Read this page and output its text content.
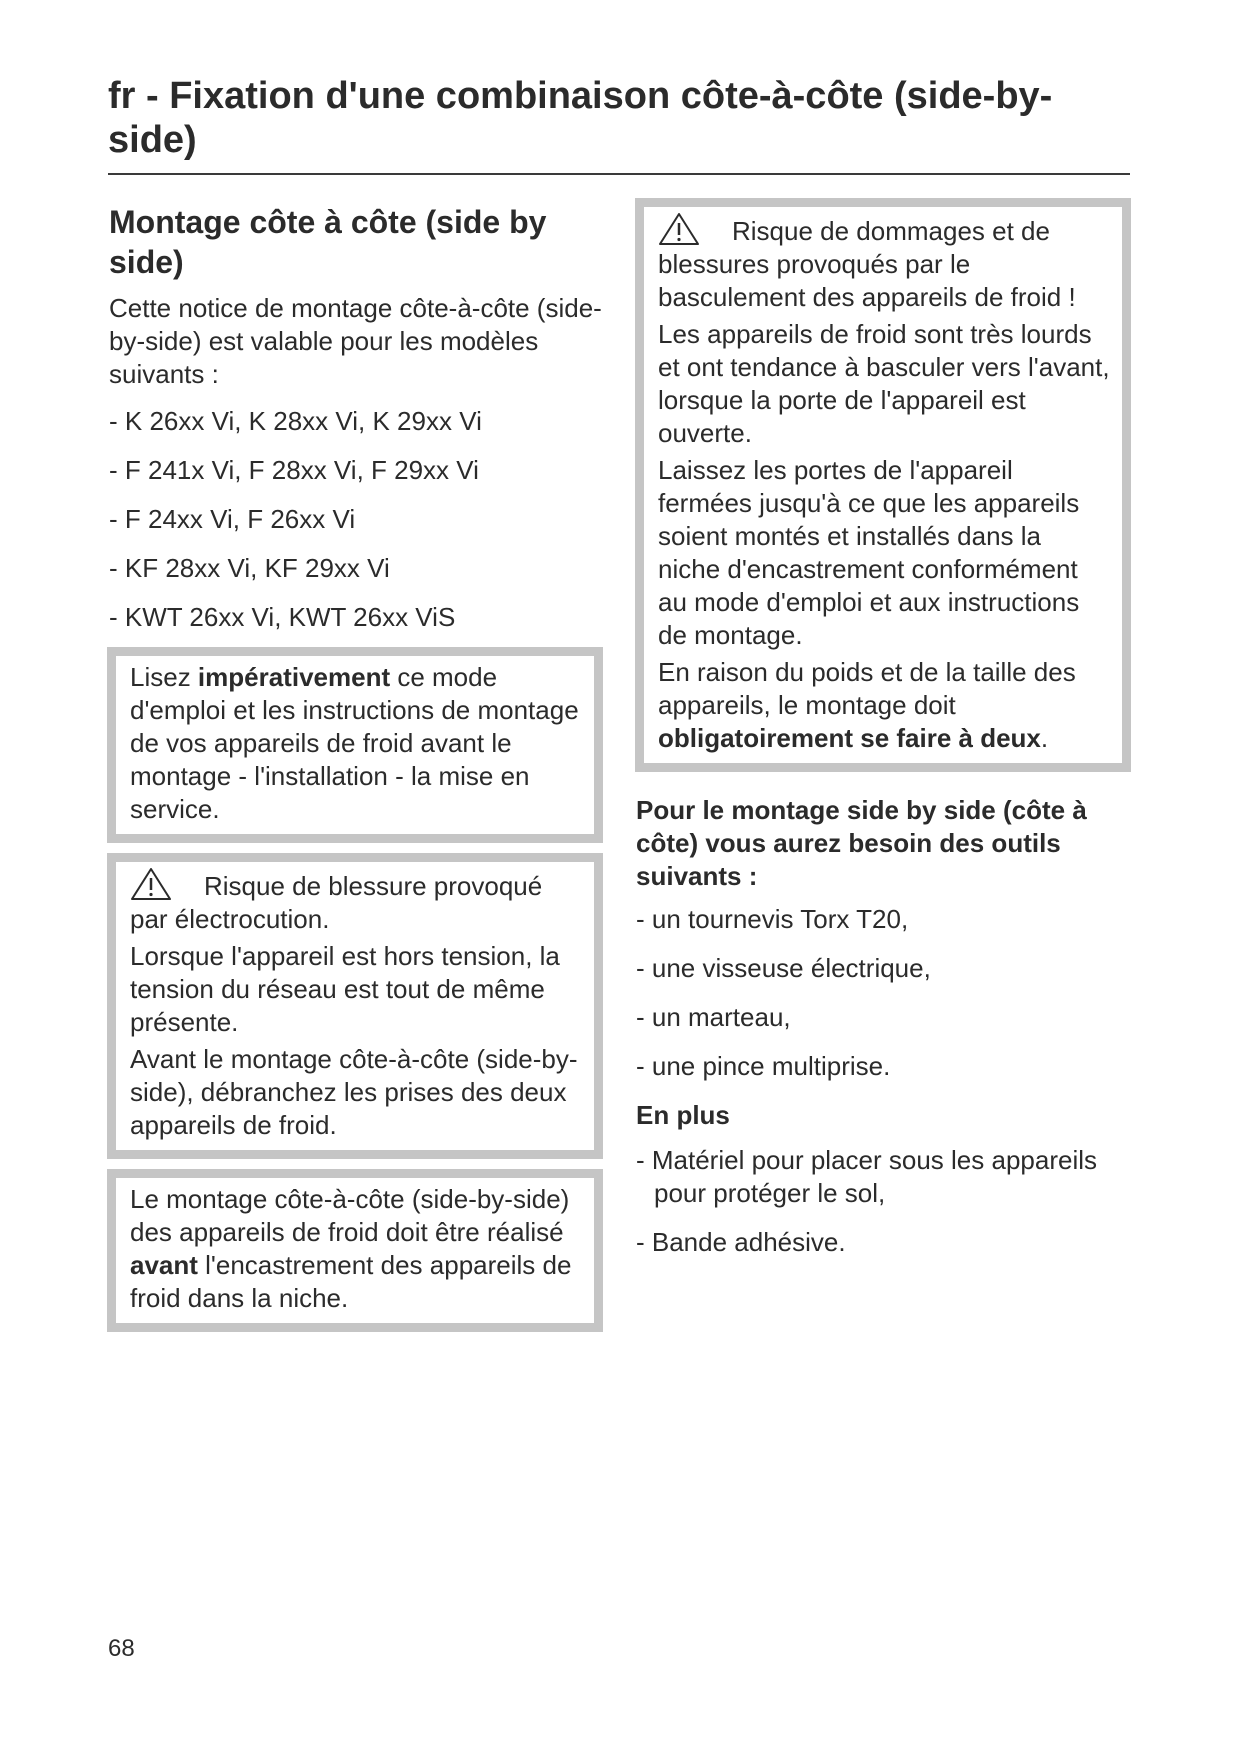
fr - Fixation d'une combinaison côte-à-côte (side-by-side)
Montage côte à côte (side by side)

Cette notice de montage côte-à-côte (side-by-side) est valable pour les modèles suivants :

- K 26xx Vi, K 28xx Vi, K 29xx Vi
- F 241x Vi, F 28xx Vi, F 29xx Vi
- F 24xx Vi, F 26xx Vi
- KF 28xx Vi, KF 29xx Vi
- KWT 26xx Vi, KWT 26xx ViS

Lisez impérativement ce mode d'emploi et les instructions de montage de vos appareils de froid avant le montage - l'installation - la mise en service.

Risque de blessure provoqué par électrocution.

Lorsque l'appareil est hors tension, la tension du réseau est tout de même présente.

Avant le montage côte-à-côte (side-by-side), débranchez les prises des deux appareils de froid.

Le montage côte-à-côte (side-by-side) des appareils de froid doit être réalisé avant l'encastrement des appareils de froid dans la niche.

Risque de dommages et de blessures provoqués par le basculement des appareils de froid !

Les appareils de froid sont très lourds et ont tendance à basculer vers l'avant, lorsque la porte de l'appareil est ouverte.

Laissez les portes de l'appareil fermées jusqu'à ce que les appareils soient montés et installés dans la niche d'encastrement conformément au mode d'emploi et aux instructions de montage.

En raison du poids et de la taille des appareils, le montage doit obligatoirement se faire à deux.

Pour le montage side by side (côte à côte) vous aurez besoin des outils suivants :

- un tournevis Torx T20,
- une visseuse électrique,
- un marteau,
- une pince multiprise.

En plus

- Matériel pour placer sous les appareils pour protéger le sol,
- Bande adhésive.
68
